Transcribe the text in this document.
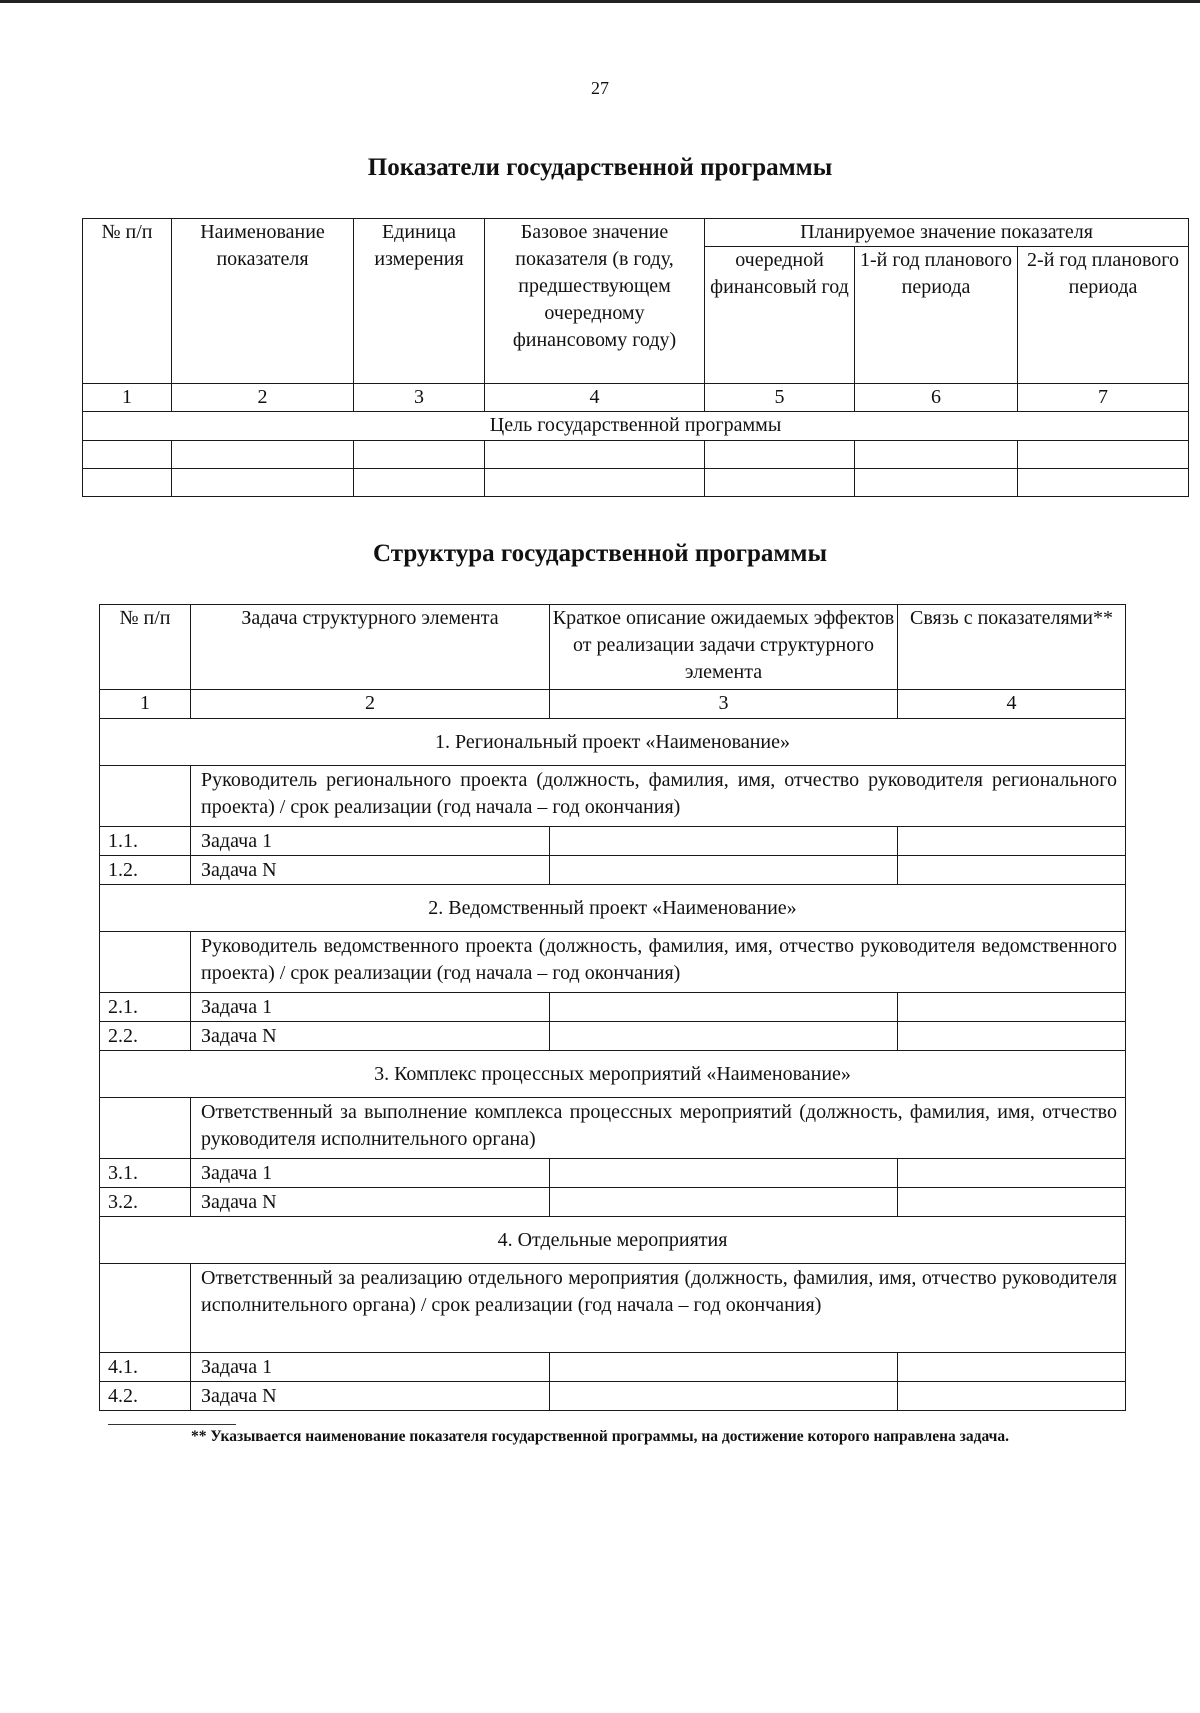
27
Показатели государственной программы
№ п/п	Наименование показателя	Единица измерения	Базовое значение показателя (в году, предшествующем очередному финансовому году)	Планируемое значение показателя		
				очередной финансовый год	1-й год планового периода	2-й год планового периода
1	2	3	4	5	6	7
Цель государственной программы						

Структура государственной программы
№ п/п	Задача структурного элемента	Краткое описание ожидаемых эффектов от реализации задачи структурного элемента	Связь с показателями**
1	2	3	4
1. Региональный проект «Наименование»			
	Руководитель регионального проекта (должность, фамилия, имя, отчество руководителя регионального проекта) / срок реализации (год начала – год окончания)		
1.1.	Задача 1		
1.2.	Задача N		
2. Ведомственный проект «Наименование»			
	Руководитель ведомственного проекта (должность, фамилия, имя, отчество руководителя ведомственного проекта) / срок реализации (год начала – год окончания)		
2.1.	Задача 1		
2.2.	Задача N		
3. Комплекс процессных мероприятий «Наименование»			
	Ответственный за выполнение комплекса процессных мероприятий (должность, фамилия, имя, отчество руководителя исполнительного органа)		
3.1.	Задача 1		
3.2.	Задача N		
4. Отдельные мероприятия			
	Ответственный за реализацию отдельного мероприятия (должность, фамилия, имя, отчество руководителя исполнительного органа) / срок реализации (год начала – год окончания)		
4.1.	Задача 1		
4.2.	Задача N		
** Указывается наименование показателя государственной программы, на достижение которого направлена задача.
